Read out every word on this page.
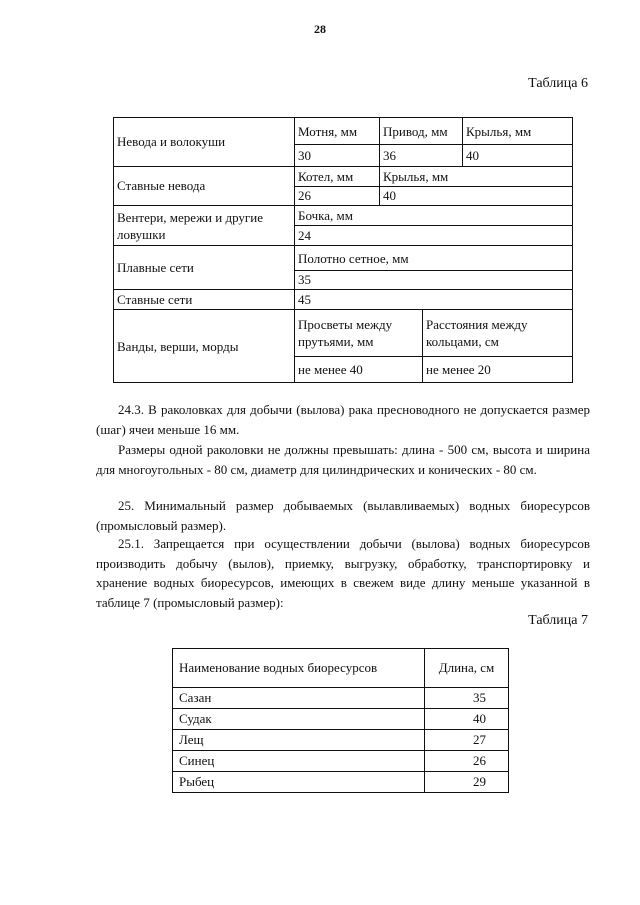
28
Таблица 6
Невода и волокуши	Мотня, мм	Привод, мм		Крылья, мм
	30	36		40
Ставные невода	Котел, мм	Крылья, мм		
	26	40		
Вентери, мережи и другие ловушки	Бочка, мм			
	24			
Плавные сети	Полотно сетное, мм			
	35			
Ставные сети	45			
Ванды, верши, морды	Просветы между прутьями, мм		Расстояния между кольцами, см	
	не менее 40		не менее 20	

24.3. В раколовках для добычи (вылова) рака пресноводного не допускается размер (шаг) ячеи меньше 16 мм.

Размеры одной раколовки не должны превышать: длина - 500 см, высота и ширина для многоугольных - 80 см, диаметр для цилиндрических и конических - 80 см.

25. Минимальный размер добываемых (вылавливаемых) водных биоресурсов (промысловый размер).

25.1. Запрещается при осуществлении добычи (вылова) водных биоресурсов производить добычу (вылов), приемку, выгрузку, обработку, транспортировку и хранение водных биоресурсов, имеющих в свежем виде длину меньше указанной в таблице 7 (промысловый размер):

Таблица 7
Наименование водных биоресурсов	Длина, см
Сазан	35
Судак	40
Лещ	27
Синец	26
Рыбец	29
